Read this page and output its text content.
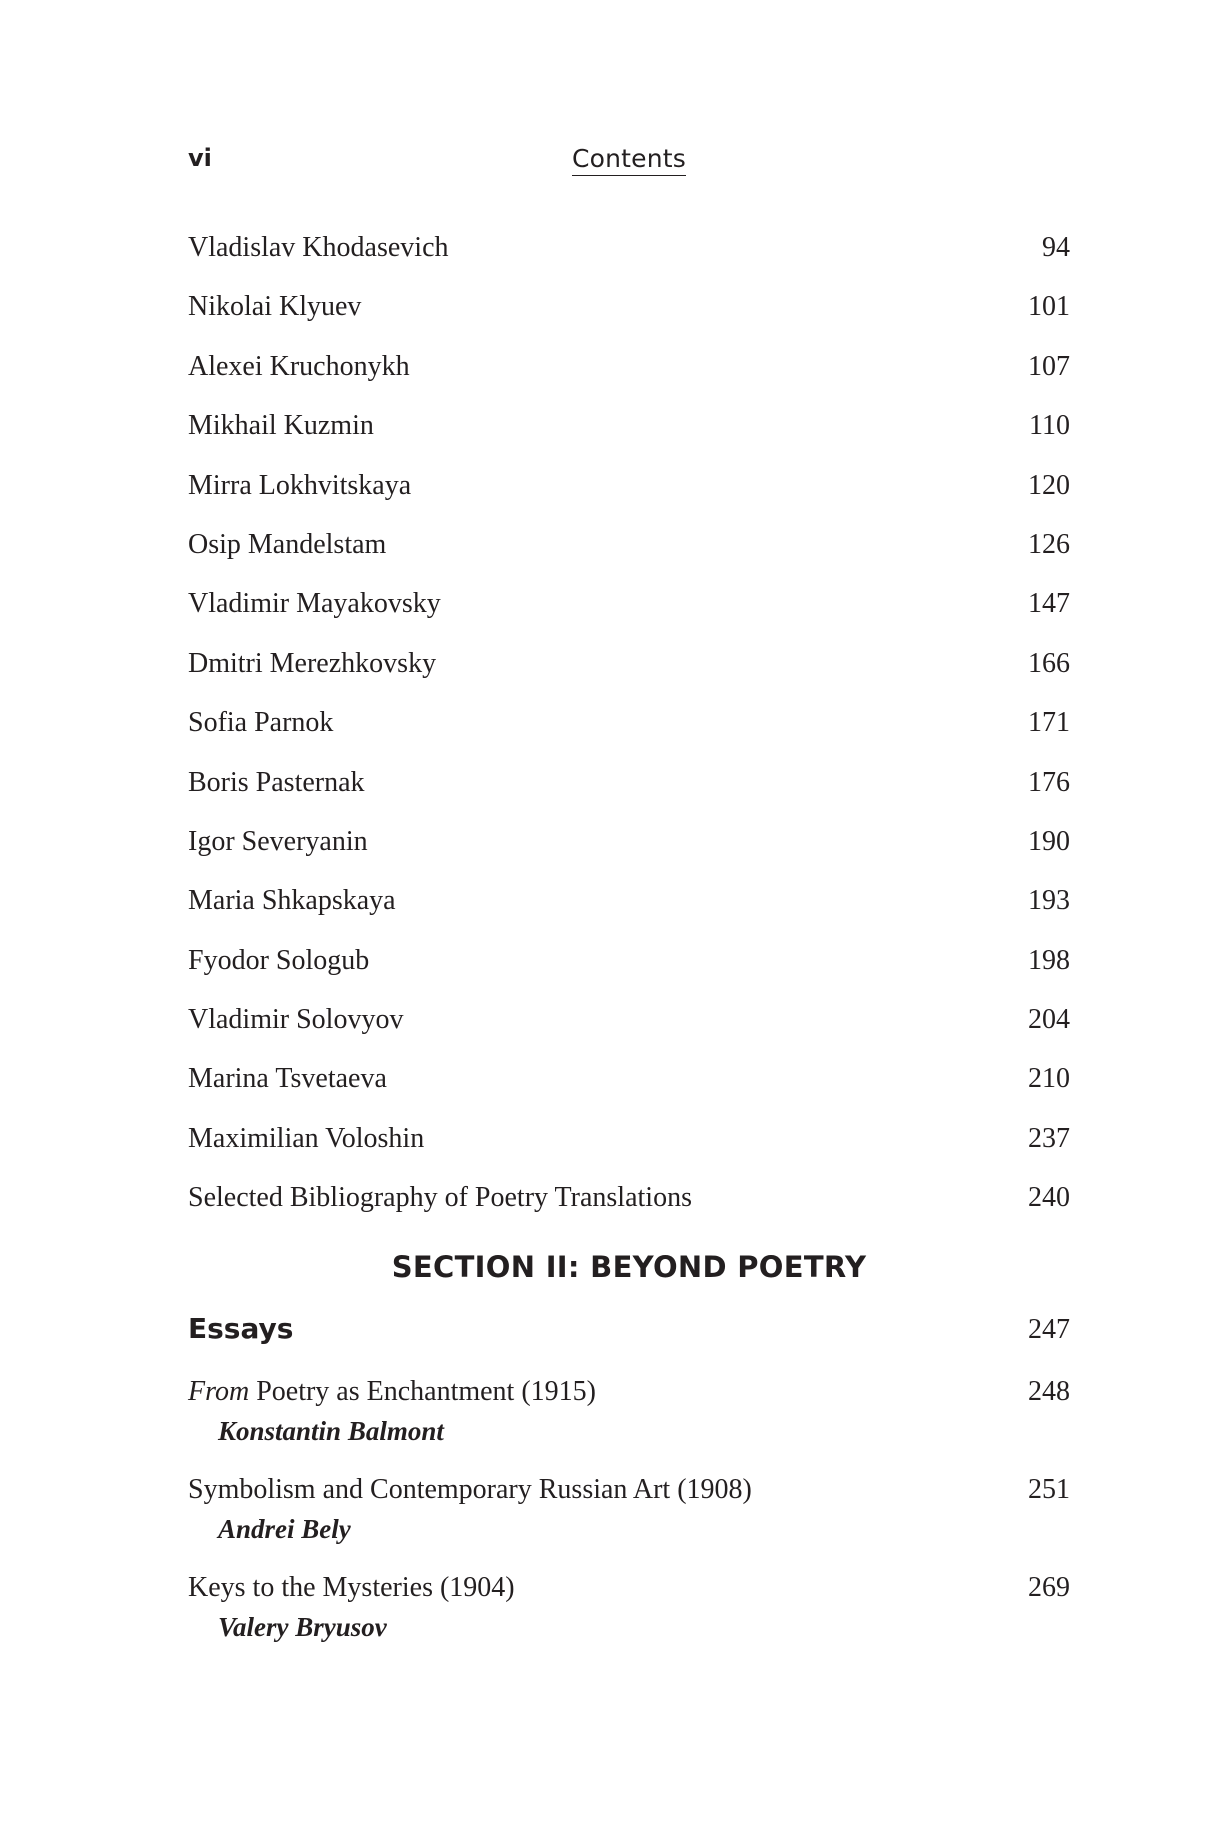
vi	Contents
Vladislav Khodasevich	94
Nikolai Klyuev	101
Alexei Kruchonykh	107
Mikhail Kuzmin	110
Mirra Lokhvitskaya	120
Osip Mandelstam	126
Vladimir Mayakovsky	147
Dmitri Merezhkovsky	166
Sofia Parnok	171
Boris Pasternak	176
Igor Severyanin	190
Maria Shkapskaya	193
Fyodor Sologub	198
Vladimir Solovyov	204
Marina Tsvetaeva	210
Maximilian Voloshin	237
Selected Bibliography of Poetry Translations	240
SECTION II: BEYOND POETRY
Essays	247
From Poetry as Enchantment (1915)	248
Konstantin Balmont
Symbolism and Contemporary Russian Art (1908)	251
Andrei Bely
Keys to the Mysteries (1904)	269
Valery Bryusov
